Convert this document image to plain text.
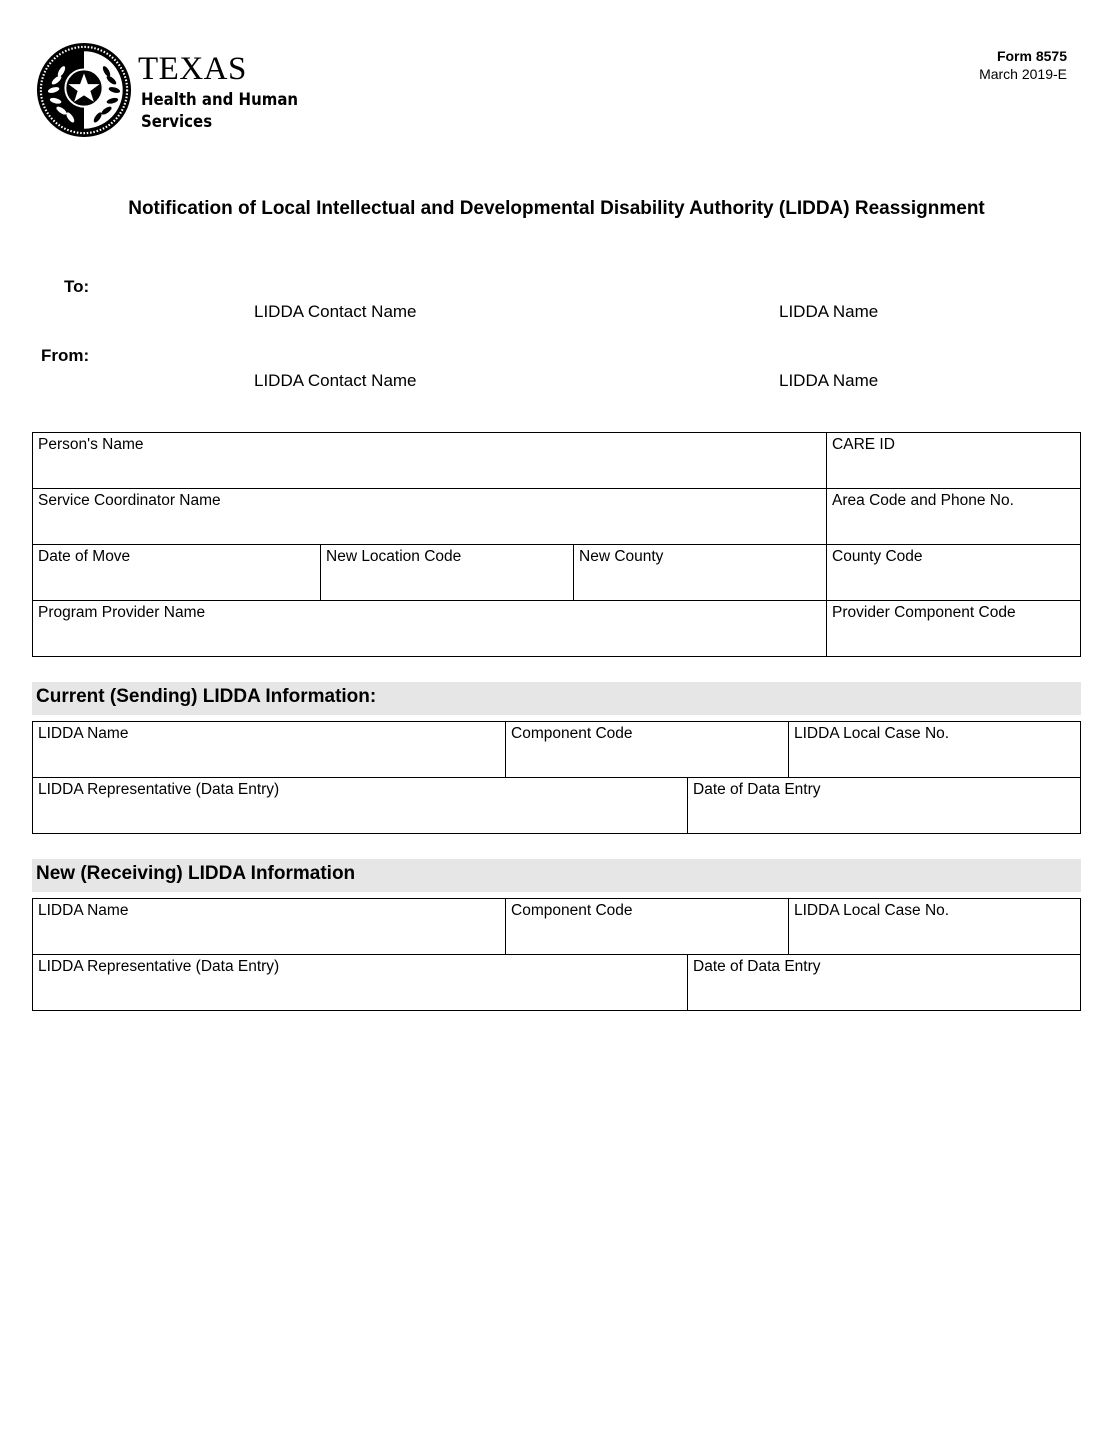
TEXAS
Health and Human
Services
Form 8575
March 2019-E
Notification of Local Intellectual and Developmental Disability Authority (LIDDA) Reassignment
To:
LIDDA Contact Name	LIDDA Name
From:
LIDDA Contact Name	LIDDA Name
Person's Name			CARE ID
Service Coordinator Name			Area Code and Phone No.
Date of Move	New Location Code	New County	County Code
Program Provider Name			Provider Component Code
Current (Sending) LIDDA Information:
LIDDA Name	Component Code		LIDDA Local Case No.
LIDDA Representative (Data Entry)		Date of Data Entry	
New (Receiving) LIDDA Information
LIDDA Name	Component Code		LIDDA Local Case No.
LIDDA Representative (Data Entry)		Date of Data Entry	
